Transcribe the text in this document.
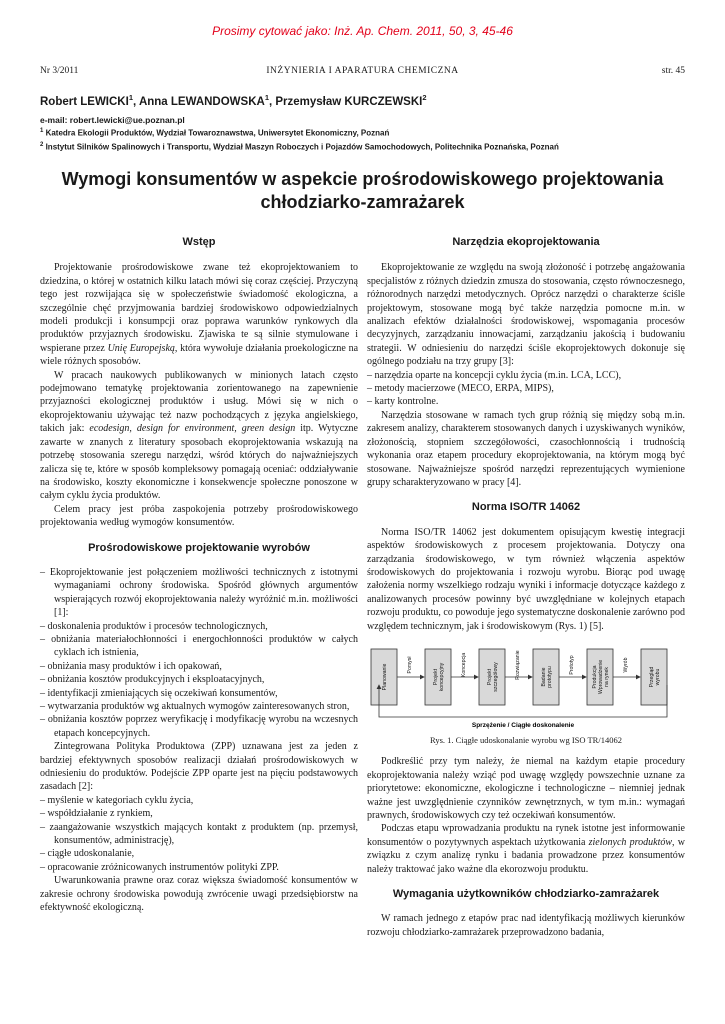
Prosimy cytować jako: Inż. Ap. Chem. 2011, 50, 3, 45-46
INŻYNIERIA I APARATURA CHEMICZNA
Nr 3/2011	str. 45
Robert LEWICKI$^1$, Anna LEWANDOWSKA$^1$, Przemysław KURCZEWSKI$^2$
e-mail: robert.lewicki@ue.poznan.pl
$^1$ Katedra Ekologii Produktów, Wydział Towaroznawstwa, Uniwersytet Ekonomiczny, Poznań
$^2$ Instytut Silników Spalinowych i Transportu, Wydział Maszyn Roboczych i Pojazdów Samochodowych, Politechnika Poznańska, Poznań
Wymogi konsumentów w aspekcie prośrodowiskowego projektowania
chłodziarko-zamrażarek
Wstęp

Projektowanie prośrodowiskowe zwane też ekoprojektowaniem to dziedzina, o której w ostatnich kilku latach mówi się coraz częściej. Przyczyną tego jest rozwijająca się w społeczeństwie świadomość ekologiczna, a szczególnie chęć przyjmowania bardziej środowiskowo odpowiedzialnych modeli produkcji i konsumpcji oraz poprawa warunków rynkowych dla produktów przyjaznych środowisku. Zjawiska te są silnie stymulowane i wspierane przez Unię Europejską, która wywołuje działania proekologiczne na wiele różnych sposobów.

W pracach naukowych publikowanych w minionych latach często podejmowano tematykę projektowania zorientowanego na zapewnienie przyjazności ekologicznej produktów i usług. Mówi się w nich o ekoprojektowaniu używając też nazw pochodzących z języka angielskiego, takich jak: ecodesign, design for environment, green design itp. Wytyczne zawarte w znanych z literatury sposobach ekoprojektowania wskazują na potrzebę stosowania szeregu narzędzi, wśród których do najważniejszych zalicza się te, które w sposób kompleksowy pomagają oceniać: oddziaływanie na środowisko, koszty ekonomiczne i konsekwencje społeczne ponoszone w całym cyklu życia produktów.

Celem pracy jest próba zaspokojenia potrzeby prośrodowiskowego projektowania według wymogów konsumentów.

Prośrodowiskowe projektowanie wyrobów
– Ekoprojektowanie jest połączeniem możliwości technicznych z istotnymi wymaganiami ochrony środowiska. Spośród głównych argumentów wspierających rozwój ekoprojektowania należy wyróżnić m.in. możliwości [1]:
– doskonalenia produktów i procesów technologicznych,
– obniżania materiałochłonności i energochłonności produktów w całych cyklach ich istnienia,
– obniżania masy produktów i ich opakowań,
– obniżania kosztów produkcyjnych i eksploatacyjnych,
– identyfikacji zmieniających się oczekiwań konsumentów,
– wytwarzania produktów wg aktualnych wymogów zainteresowanych stron,
– obniżania kosztów poprzez weryfikację i modyfikację wyrobu na wczesnych etapach koncepcyjnych.

Zintegrowana Polityka Produktowa (ZPP) uznawana jest za jeden z bardziej efektywnych sposobów realizacji działań prośrodowiskowych w odniesieniu do produktów. Podejście ZPP oparte jest na pięciu podstawowych zasadach [2]:

– myślenie w kategoriach cyklu życia,
– współdziałanie z rynkiem,
– zaangażowanie wszystkich mających kontakt z produktem (np. przemysł, konsumentów, administrację),
– ciągłe udoskonalanie,
– opracowanie zróżnicowanych instrumentów polityki ZPP.

Uwarunkowania prawne oraz coraz większa świadomość konsumentów w zakresie ochrony środowiska powodują zwrócenie uwagi przedsiębiorstw na efektywność ekologiczną.

Narzędzia ekoprojektowania

Ekoprojektowanie ze względu na swoją złożoność i potrzebę angażowania specjalistów z różnych dziedzin zmusza do stosowania, często równoczesnego, różnorodnych narzędzi metodycznych. Oprócz narzędzi o charakterze ściśle projektowym, stosowane mogą być także narzędzia pomocne m.in. w analizach efektów działalności środowiskowej, wspomagania procesów decyzyjnych, zarządzaniu innowacjami, zarządzaniu jakością i budowaniu strategii. W odniesieniu do narzędzi ściśle ekoprojektowych dokonuje się ogólnego podziału na trzy grupy [3]:

– narzędzia oparte na koncepcji cyklu życia (m.in. LCA, LCC),
– metody macierzowe (MECO, ERPA, MIPS),
– karty kontrolne.

Narzędzia stosowane w ramach tych grup różnią się między sobą m.in. zakresem analizy, charakterem stosowanych danych i uzyskiwanych wyników, złożonością, stopniem szczegółowości, czasochłonnością i trudnością wykonania oraz etapem procedury ekoprojektowania, na którym mogą być stosowane. Najważniejsze spośród narzędzi reprezentujących wymienione grupy scharakteryzowano w pracy [4].

Norma ISO/TR 14062

Norma ISO/TR 14062 jest dokumentem opisującym kwestię integracji aspektów środowiskowych z procesem projektowania. Dotyczy ona zarządzania środowiskowego, w tym również włączenia aspektów środowiskowych do projektowania i rozwoju wyrobu. Biorąc pod uwagę założenia normy wszelkiego rodzaju wyniki i informacje dotyczące każdego z analizowanych procesów powinny być uwzględniane w kolejnych etapach rozwoju produktu, co powoduje jego systematyczne doskonalenie zarówno pod względem technicznym, jak i środowiskowym (Rys. 1) [5].

Planowanie	Projekt koncepcyjny	Projekt szczegółowy	Badanie prototypu	Produkcja Wprowadzenie na rynek	Przegląd wyrobu
Pomysł	Koncepcja	Rozwiązanie	Prototyp	Wyrób
Sprzężenie / Ciągłe doskonalenie
Rys. 1. Ciągłe udoskonalanie wyrobu wg ISO TR/14062

Podkreślić przy tym należy, że niemal na każdym etapie procedury ekoprojektowania należy wziąć pod uwagę względy powszechnie uznane za priorytetowe: ekonomiczne, ekologiczne i technologiczne – niemniej jednak ważne jest uwzględnienie czynników zewnętrznych, w tym m.in.: wymagań prawnych, środowiskowych czy też oczekiwań konsumentów.

Podczas etapu wprowadzania produktu na rynek istotne jest informowanie konsumentów o pozytywnych aspektach użytkowania zielonych produktów, w związku z czym analizę rynku i badania prowadzone przez konsumentów należy traktować jako ważne dla ekorozwoju produktu.

Wymagania użytkowników chłodziarko-zamrażarek

W ramach jednego z etapów prac nad identyfikacją możliwych kierunków rozwoju chłodziarko-zamrażarek przeprowadzono badania,
